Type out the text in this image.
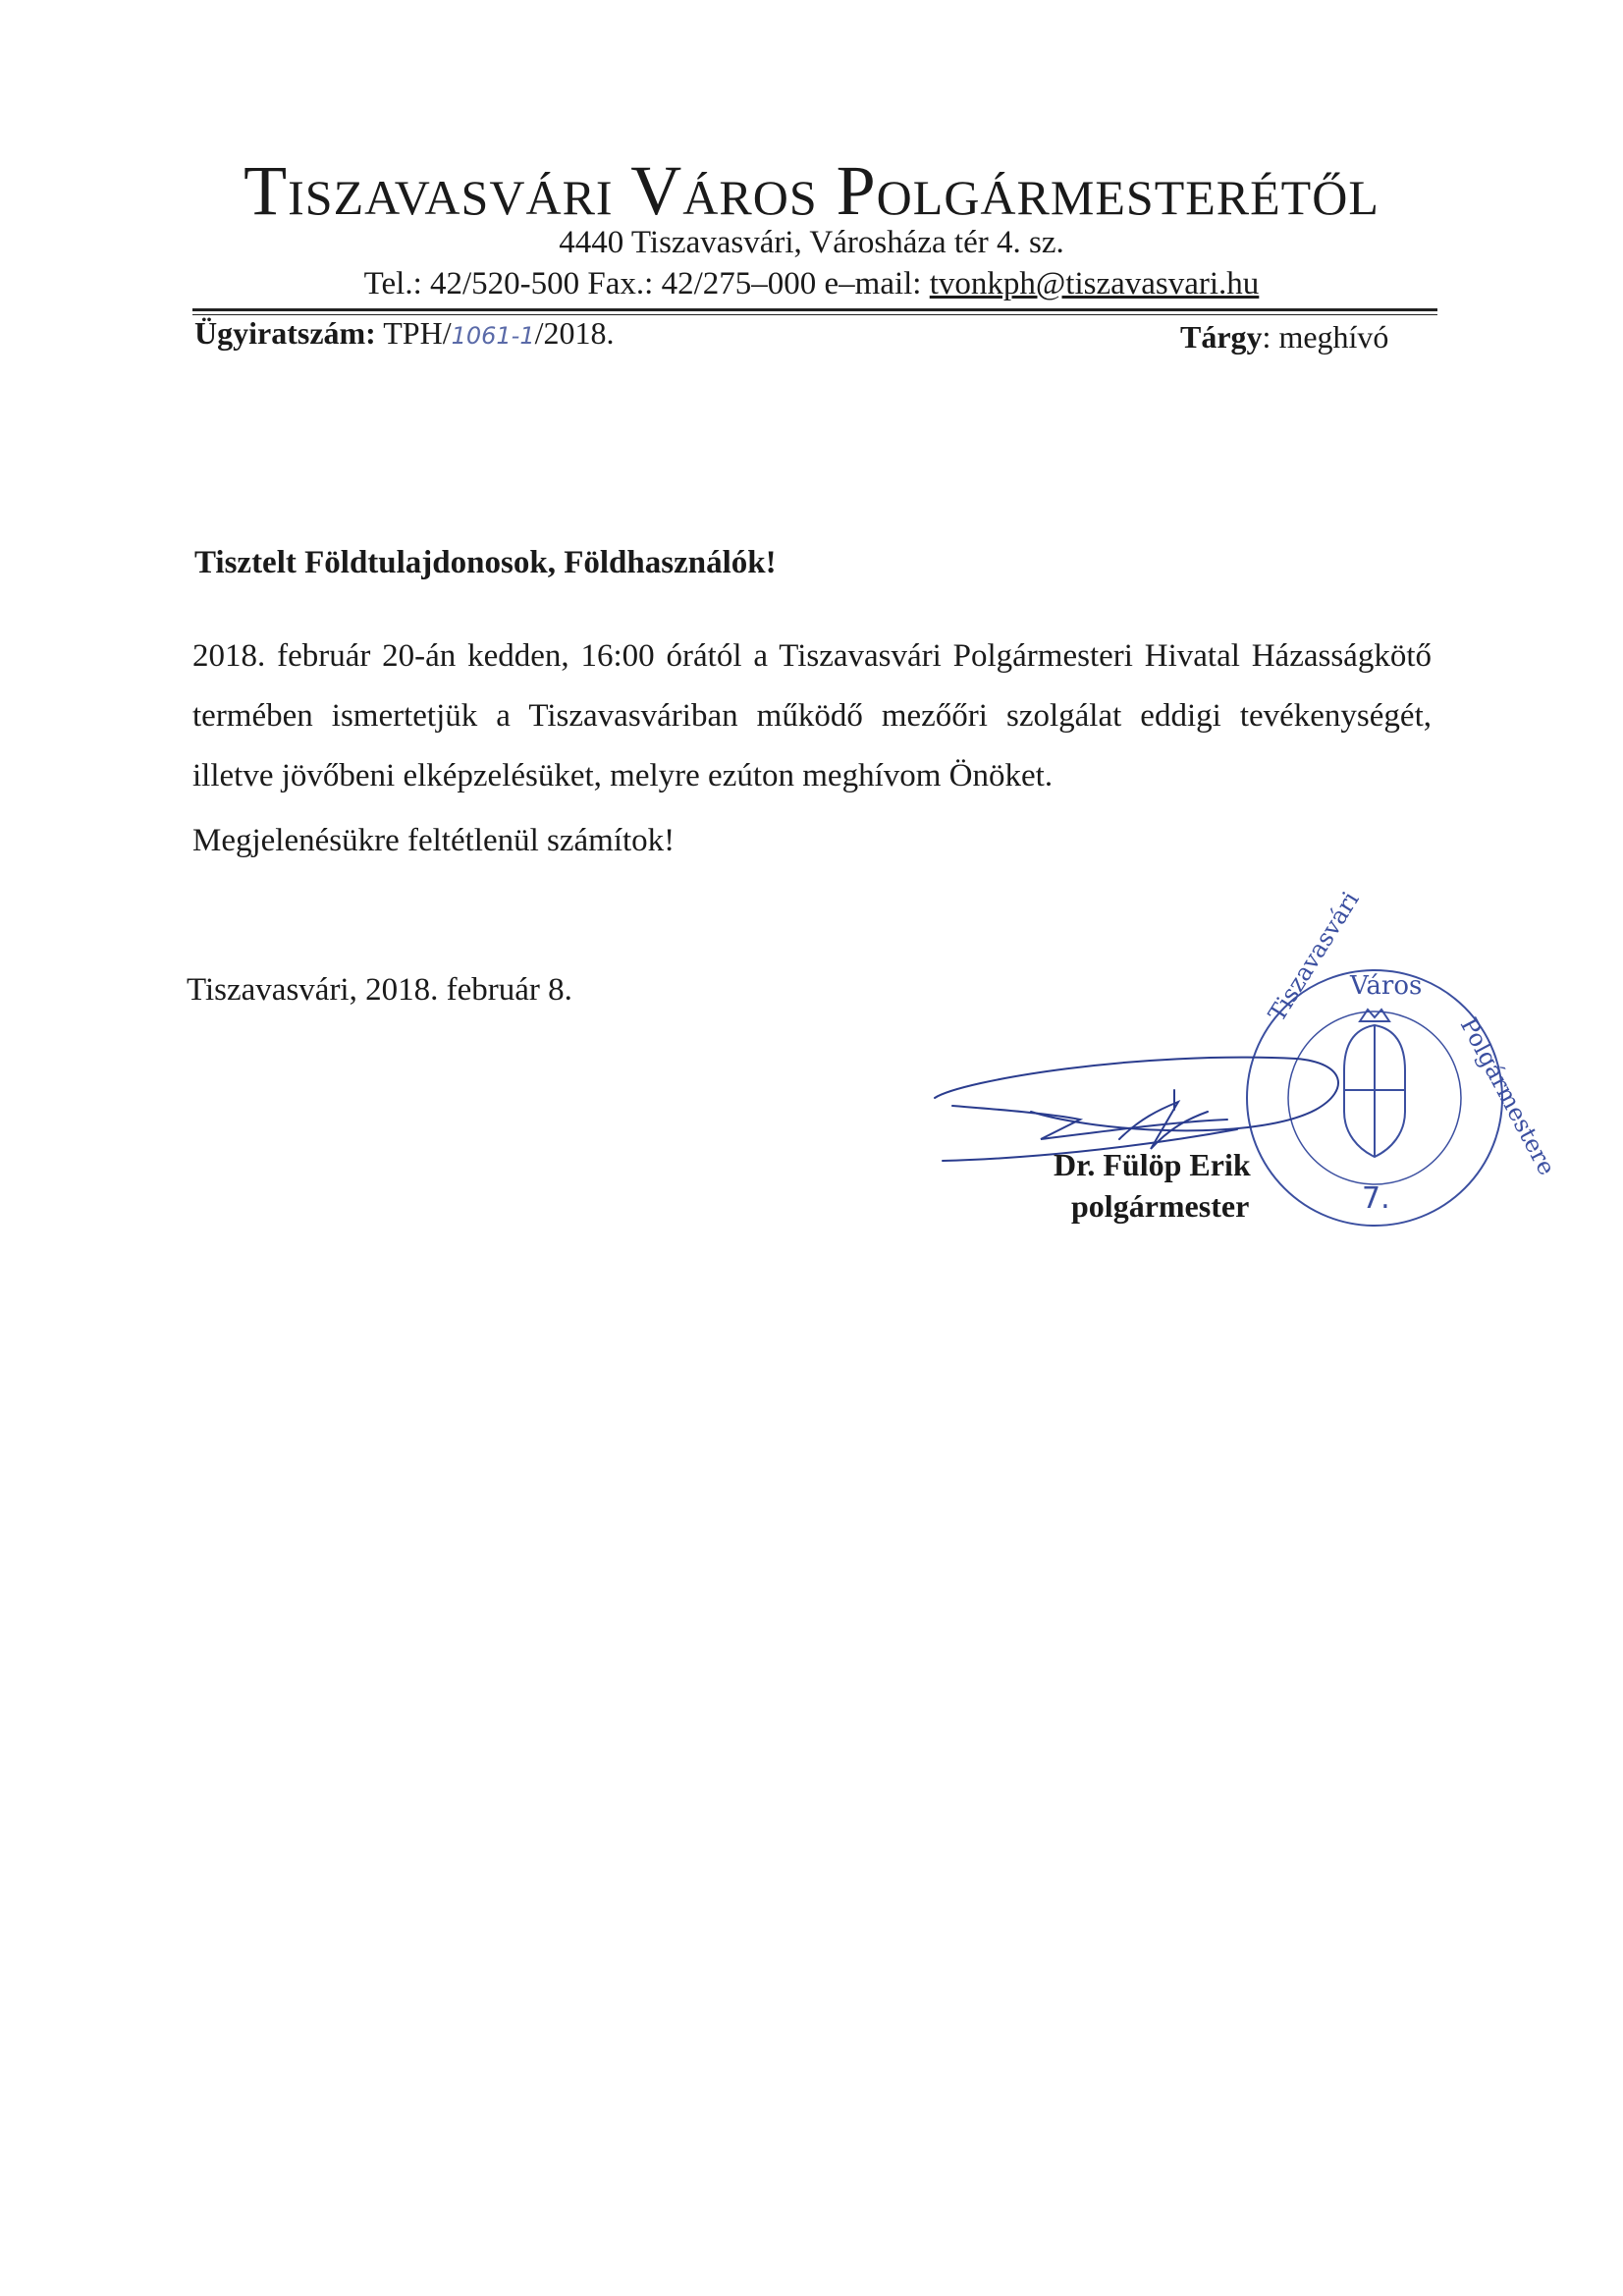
Tiszavasvári Város Polgármesterétől
4440 Tiszavasvári, Városháza tér 4. sz.
Tel.: 42/520-500 Fax.: 42/275–000 e–mail: tvonkph@tiszavasvari.hu
Ügyiratszám: TPH/1061-1/2018.	Tárgy: meghívó
Tisztelt Földtulajdonosok, Földhasználók!
2018. február 20-án kedden, 16:00 órától a Tiszavasvári Polgármesteri Hivatal Házasságkötő termében ismertetjük a Tiszavasváriban működő mezőőri szolgálat eddigi tevékenységét, illetve jövőbeni elképzelésüket, melyre ezúton meghívom Önöket.
Megjelenésükre feltétlenül számítok!
Tiszavasvári, 2018. február 8.	Város
Tiszavasvári
Polgármestere
7.
Dr. Fülöp Erik
polgármester
